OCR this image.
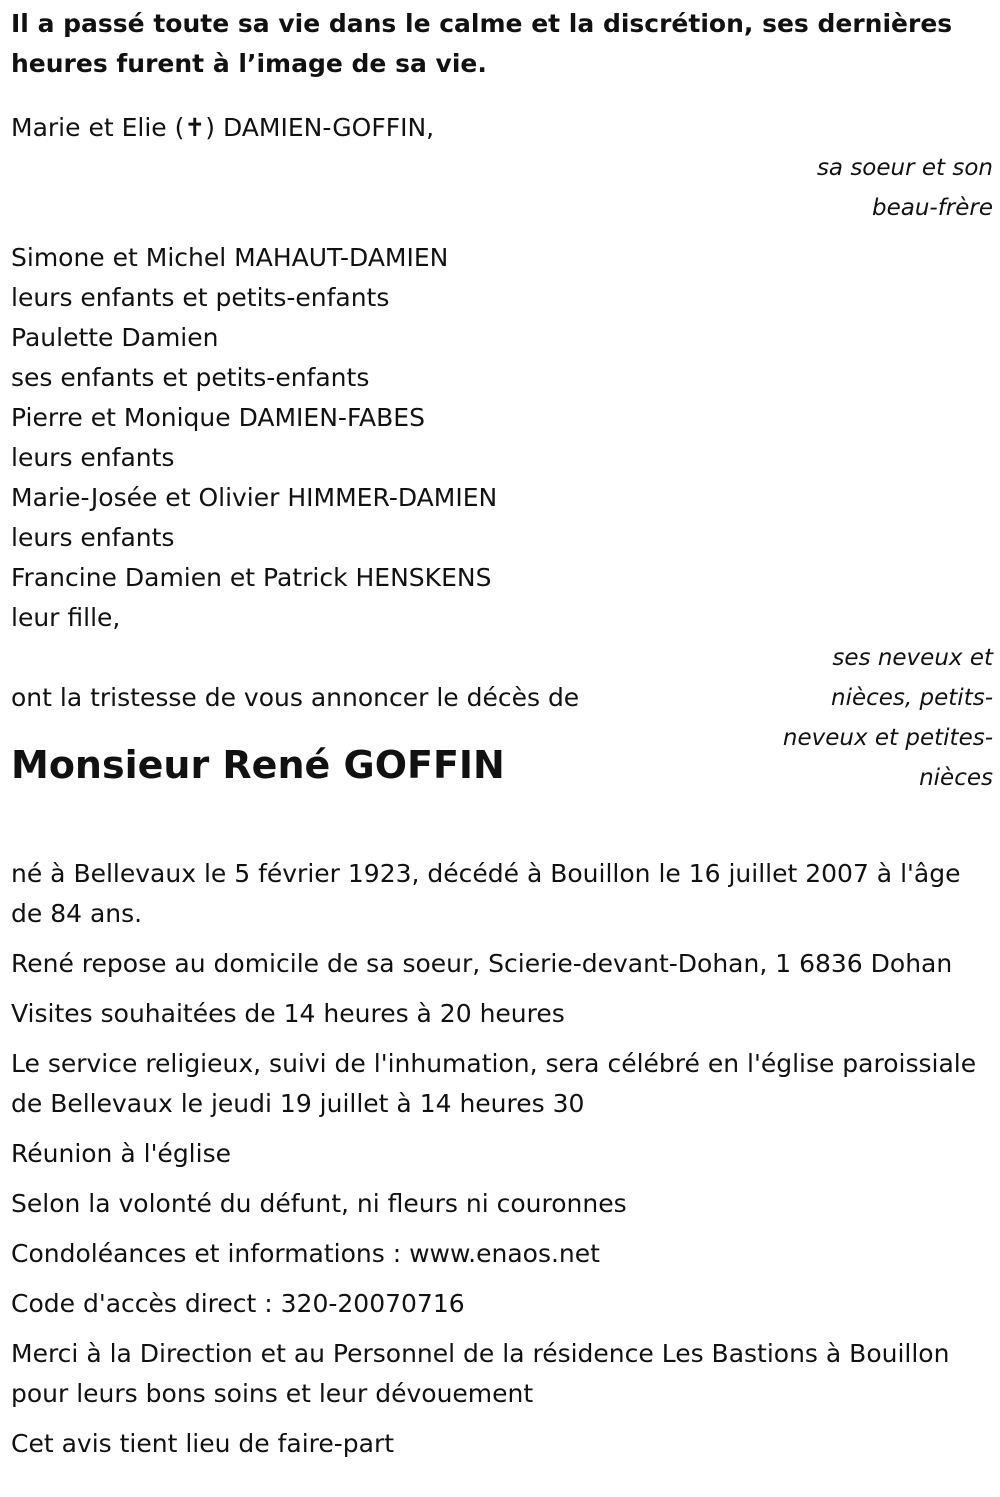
Il a passé toute sa vie dans le calme et la discrétion, ses dernières heures furent à l’image de sa vie.
Marie et Elie (✝) DAMIEN-GOFFIN,
sa soeur et son beau-frère
Simone et Michel MAHAUT-DAMIEN
leurs enfants et petits-enfants
Paulette Damien
ses enfants et petits-enfants
Pierre et Monique DAMIEN-FABES
leurs enfants
Marie-Josée et Olivier HIMMER-DAMIEN
leurs enfants
Francine Damien et Patrick HENSKENS
leur fille,
ses neveux et nièces, petits-neveux et petites-nièces
ont la tristesse de vous annoncer le décès de
Monsieur René GOFFIN
né à Bellevaux le 5 février 1923, décédé à Bouillon le 16 juillet 2007 à l'âge de 84 ans.
René repose au domicile de sa soeur, Scierie-devant-Dohan, 1 6836 Dohan
Visites souhaitées de 14 heures à 20 heures
Le service religieux, suivi de l'inhumation, sera célébré en l'église paroissiale de Bellevaux le jeudi 19 juillet à 14 heures 30
Réunion à l'église
Selon la volonté du défunt, ni fleurs ni couronnes
Condoléances et informations : www.enaos.net
Code d'accès direct : 320-20070716
Merci à la Direction et au Personnel de la résidence Les Bastions à Bouillon pour leurs bons soins et leur dévouement
Cet avis tient lieu de faire-part
